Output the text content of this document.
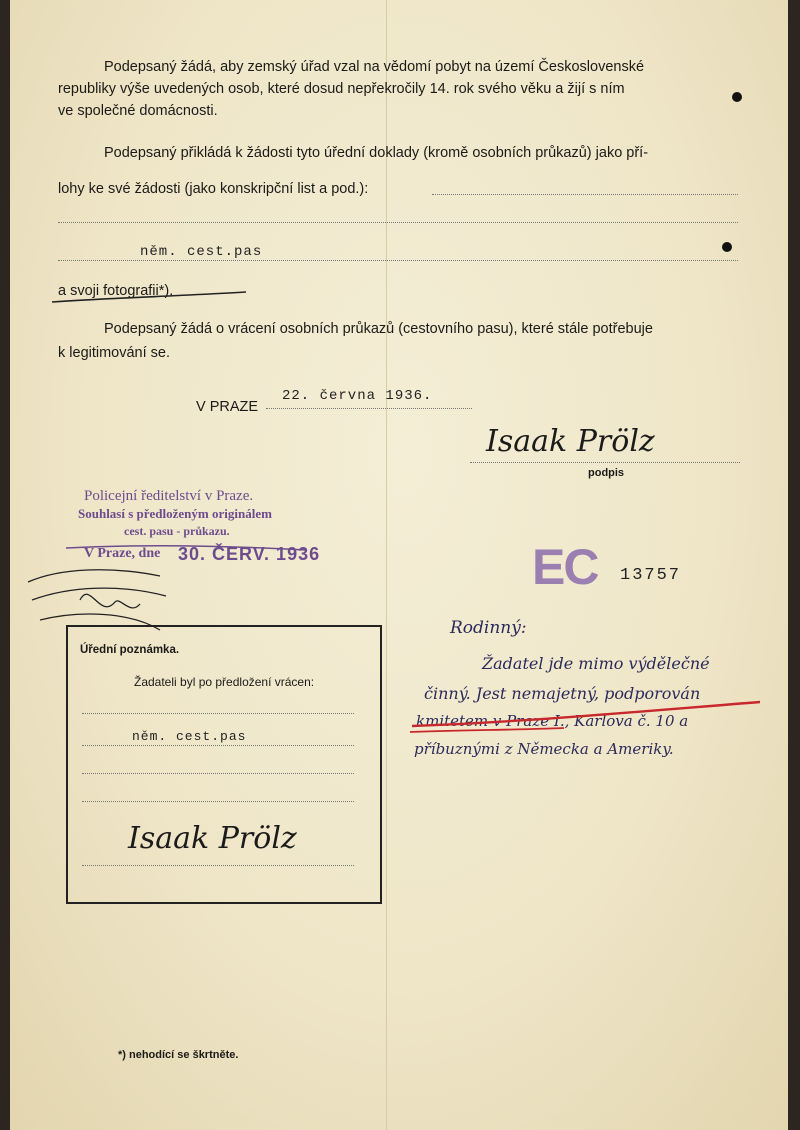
Podepsaný žádá, aby zemský úřad vzal na vědomí pobyt na území Československé
republiky výše uvedených osob, které dosud nepřekročily 14. rok svého věku a žijí s ním
ve společné domácnosti.
Podepsaný přikládá k žádosti tyto úřední doklady (kromě osobních průkazů) jako pří-
lohy ke své žádosti (jako konskripční list a pod.):
něm. cest.pas
a svoji fotografii*).
Podepsaný žádá o vrácení osobních průkazů (cestovního pasu), které stále potřebuje
k legitimování se.
V PRAZE
22. června 1936.
Isaak Prölz
podpis
Policejní ředitelství v Praze.
Souhlasí s předloženým originálem
cest. pasu - průkazu.
V Praze, dne 30. ČERV. 1936	EC 13757
Úřední poznámka.
Žadateli byl po předložení vrácen:
něm. cest.pas
Isaak Prölz
Rodinný:
Žadatel jde mimo výdělečné
činný. Jest nemajetný, podporován
kmitetem v Praze I., Karlova č. 10 a
příbuznými z Německa a Ameriky.
*) nehodící se škrtněte.
